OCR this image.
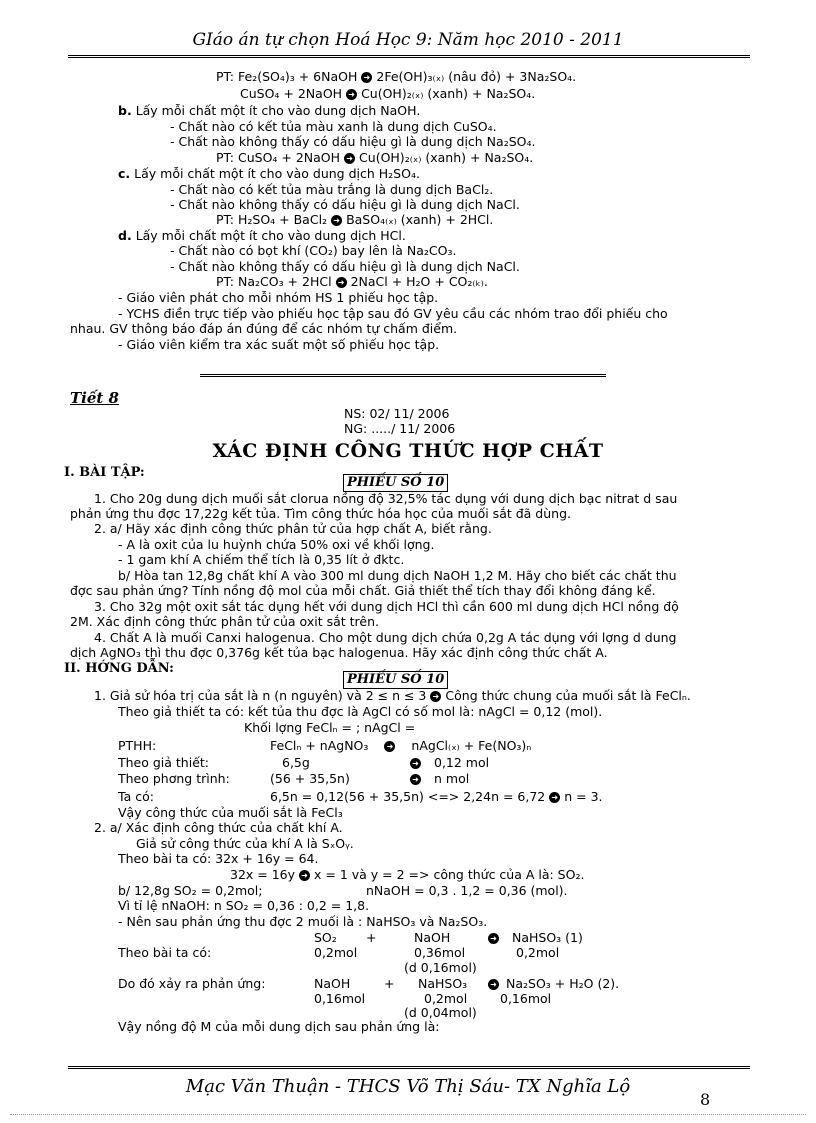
GIáo án tự chọn Hoá Học 9: Năm học 2010 - 2011
PT: Fe₂(SO₄)₃ + 6NaOH ➜ 2Fe(OH)₃₍ₓ₎ (nâu đỏ) + 3Na₂SO₄.
CuSO₄ + 2NaOH ➜ Cu(OH)₂₍ₓ₎ (xanh) + Na₂SO₄.
b. Lấy mỗi chất một ít cho vào dung dịch NaOH.
- Chất nào có kết tủa màu xanh là dung dịch CuSO₄.
- Chất nào không thấy có dấu hiệu gì là dung dịch Na₂SO₄.
PT: CuSO₄ + 2NaOH ➜ Cu(OH)₂₍ₓ₎ (xanh) + Na₂SO₄.
c. Lấy mỗi chất một ít cho vào dung dịch H₂SO₄.
- Chất nào có kết tủa màu trắng là dung dịch BaCl₂.
- Chất nào không thấy có dấu hiệu gì là dung dịch NaCl.
PT: H₂SO₄ + BaCl₂ ➜ BaSO₄₍ₓ₎ (xanh) + 2HCl.
d. Lấy mỗi chất một ít cho vào dung dịch HCl.
- Chất nào có bọt khí (CO₂) bay lên là Na₂CO₃.
- Chất nào không thấy có dấu hiệu gì là dung dịch NaCl.
PT: Na₂CO₃ + 2HCl ➜ 2NaCl + H₂O + CO₂₍ₖ₎.
- Giáo viên phát cho mỗi nhóm HS 1 phiếu học tập.
- YCHS điền trực tiếp vào phiếu học tập sau đó GV yêu cầu các nhóm trao đổi phiếu cho
nhau. GV thông báo đáp án đúng để các nhóm tự chấm điểm.
- Giáo viên kiểm tra xác suất một số phiếu học tập.
Tiết 8
NS: 02/ 11/ 2006
NG: ...../ 11/ 2006
XÁC ĐỊNH CÔNG THỨC HỢP CHẤT
I. BÀI TẬP:
PHIẾU SỐ 10
1. Cho 20g dung dịch muối sắt clorua nồng độ 32,5% tác dụng với dung dịch bạc nitrat d sau
phản ứng thu đợc 17,22g kết tủa. Tìm công thức hóa học của muối sắt đã dùng.
2. a/ Hãy xác định công thức phân tử của hợp chất A, biết rằng.
- A là oxit của lu huỳnh chứa 50% oxi về khối lợng.
- 1 gam khí A chiếm thể tích là 0,35 lít ở đktc.
b/ Hòa tan 12,8g chất khí A vào 300 ml dung dịch NaOH 1,2 M. Hãy cho biết các chất thu
đợc sau phản ứng? Tính nồng độ mol của mỗi chất. Giả thiết thể tích thay đổi không đáng kể.
3. Cho 32g một oxit sắt tác dụng hết với dung dịch HCl thì cần 600 ml dung dịch HCl nồng độ
2M. Xác định công thức phân tử của oxit sắt trên.
4. Chất A là muối Canxi halogenua. Cho một dung dịch chứa 0,2g A tác dụng với lợng d dung
dịch AgNO₃ thì thu đợc 0,376g kết tủa bạc halogenua. Hãy xác định công thức chất A.
II. HỚNG DẪN:
PHIẾU SỐ 10
1. Giả sử hóa trị của sắt là n (n nguyên) và 2 ≤ n ≤ 3 ➜ Công thức chung của muối sắt là FeClₙ.
Theo giả thiết ta có: kết tủa thu đợc là AgCl có số mol là: nAgCl = 0,12 (mol).
Khối lợng FeClₙ = ; nAgCl =
PTHH:	FeClₙ + nAgNO₃ ➜ nAgCl₍ₓ₎ + Fe(NO₃)ₙ
Theo giả thiết:	6,5g	➜	0,12 mol
Theo phơng trình:	(56 + 35,5n)	➜	n mol
Ta có:	6,5n = 0,12(56 + 35,5n) <=> 2,24n = 6,72 ➜ n = 3.
Vậy công thức của muối sắt là FeCl₃
2. a/ Xác định công thức của chất khí A.
Giả sử công thức của khí A là SₓOᵧ.
Theo bài ta có: 32x + 16y = 64.
32x = 16y ➜ x = 1 và y = 2 => công thức của A là: SO₂.
b/ 12,8g SO₂ = 0,2mol;	nNaOH = 0,3 . 1,2 = 0,36 (mol).
Vì tỉ lệ nNaOH: n SO₂ = 0,36 : 0,2 = 1,8.
- Nên sau phản ứng thu đợc 2 muối là : NaHSO₃ và Na₂SO₃.
SO₂ +	NaOH	➜	NaHSO₃ (1)
Theo bài ta có:	0,2mol	0,36mol	0,2mol
(d 0,16mol)
Do đó xảy ra phản ứng:	NaOH	+ NaHSO₃	➜ Na₂SO₃ + H₂O (2).
0,16mol	0,2mol	0,16mol
(d 0,04mol)
Vậy nồng độ M của mỗi dung dịch sau phản ứng là:
Mạc Văn Thuận - THCS Võ Thị Sáu- TX Nghĩa Lộ
8
